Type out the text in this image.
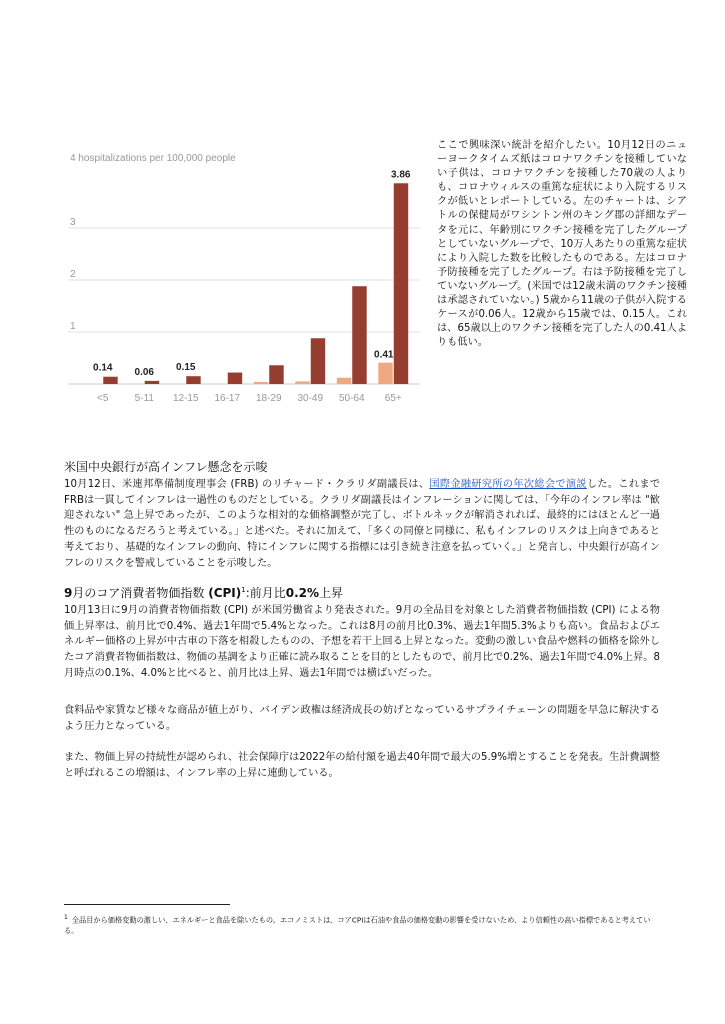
1
2
3
4 hospitalizations per 100,000 people
<5	5-11 12-15 16-17 18-29 30-49 50-64 65+
0.14 0.06 0.15
0.41
3.86

ここで興味深い統計を紹介したい。10月12日のニューヨークタイムズ紙はコロナワクチンを接種していない子供は、コロナワクチンを接種した70歳の人よりも、コロナウィルスの重篤な症状により入院するリスクが低いとレポートしている。左のチャートは、シアトルの保健局がワシントン州のキング郡の詳細なデータを元に、年齢別にワクチン接種を完了したグループとしていないグループで、10万人あたりの重篤な症状により入院した数を比較したものである。左はコロナ予防接種を完了したグループ。右は予防接種を完了していないグループ。(米国では12歳未満のワクチン接種は承認されていない。) 5歳から11歳の子供が入院するケースが0.06人。12歳から15歳では、0.15人。これは、65歳以上のワクチン接種を完了した人の0.41人よりも低い。

米国中央銀行が高インフレ懸念を示唆

10月12日、米連邦準備制度理事会 (FRB) のリチャード・クラリダ副議長は、国際金融研究所の年次総会で演説した。これまでFRBは一貫してインフレは一過性のものだとしている。クラリダ副議長はインフレーションに関しては、「今年のインフレ率は "歓迎されない" 急上昇であったが、このような相対的な価格調整が完了し、ボトルネックが解消されれば、最終的にはほとんど一過性のものになるだろうと考えている。」と述べた。それに加えて、「多くの同僚と同様に、私もインフレのリスクは上向きであると考えており、基礎的なインフレの動向、特にインフレに関する指標には引き続き注意を払っていく。」と発言し、中央銀行が高インフレのリスクを警戒していることを示唆した。

9月のコア消費者物価指数 (CPI)$^1$:前月比0.2%上昇

10月13日に9月の消費者物価指数 (CPI) が米国労働省より発表された。9月の全品目を対象とした消費者物価指数 (CPI) による物価上昇率は、前月比で0.4%、過去1年間で5.4%となった。これは8月の前月比0.3%、過去1年間5.3%よりも高い。食品およびエネルギー価格の上昇が中古車の下落を相殺したものの、予想を若干上回る上昇となった。変動の激しい食品や燃料の価格を除外したコア消費者物価指数は、物価の基調をより正確に読み取ることを目的としたもので、前月比で0.2%、過去1年間で4.0%上昇。8月時点の0.1%、4.0%と比べると、前月比は上昇、過去1年間では横ばいだった。

食料品や家賃など様々な商品が値上がり、バイデン政権は経済成長の妨げとなっているサプライチェーンの問題を早急に解決するよう圧力となっている。

また、物価上昇の持続性が認められ、社会保障庁は2022年の給付額を過去40年間で最大の5.9%増とすることを発表。生計費調整と呼ばれるこの増額は、インフレ率の上昇に連動している。

$^1$ 全品目から価格変動の激しい、エネルギーと食品を除いたもの。エコノミストは、コアCPIは石油や食品の価格変動の影響を受けないため、より信頼性の高い指標であると考えている。
